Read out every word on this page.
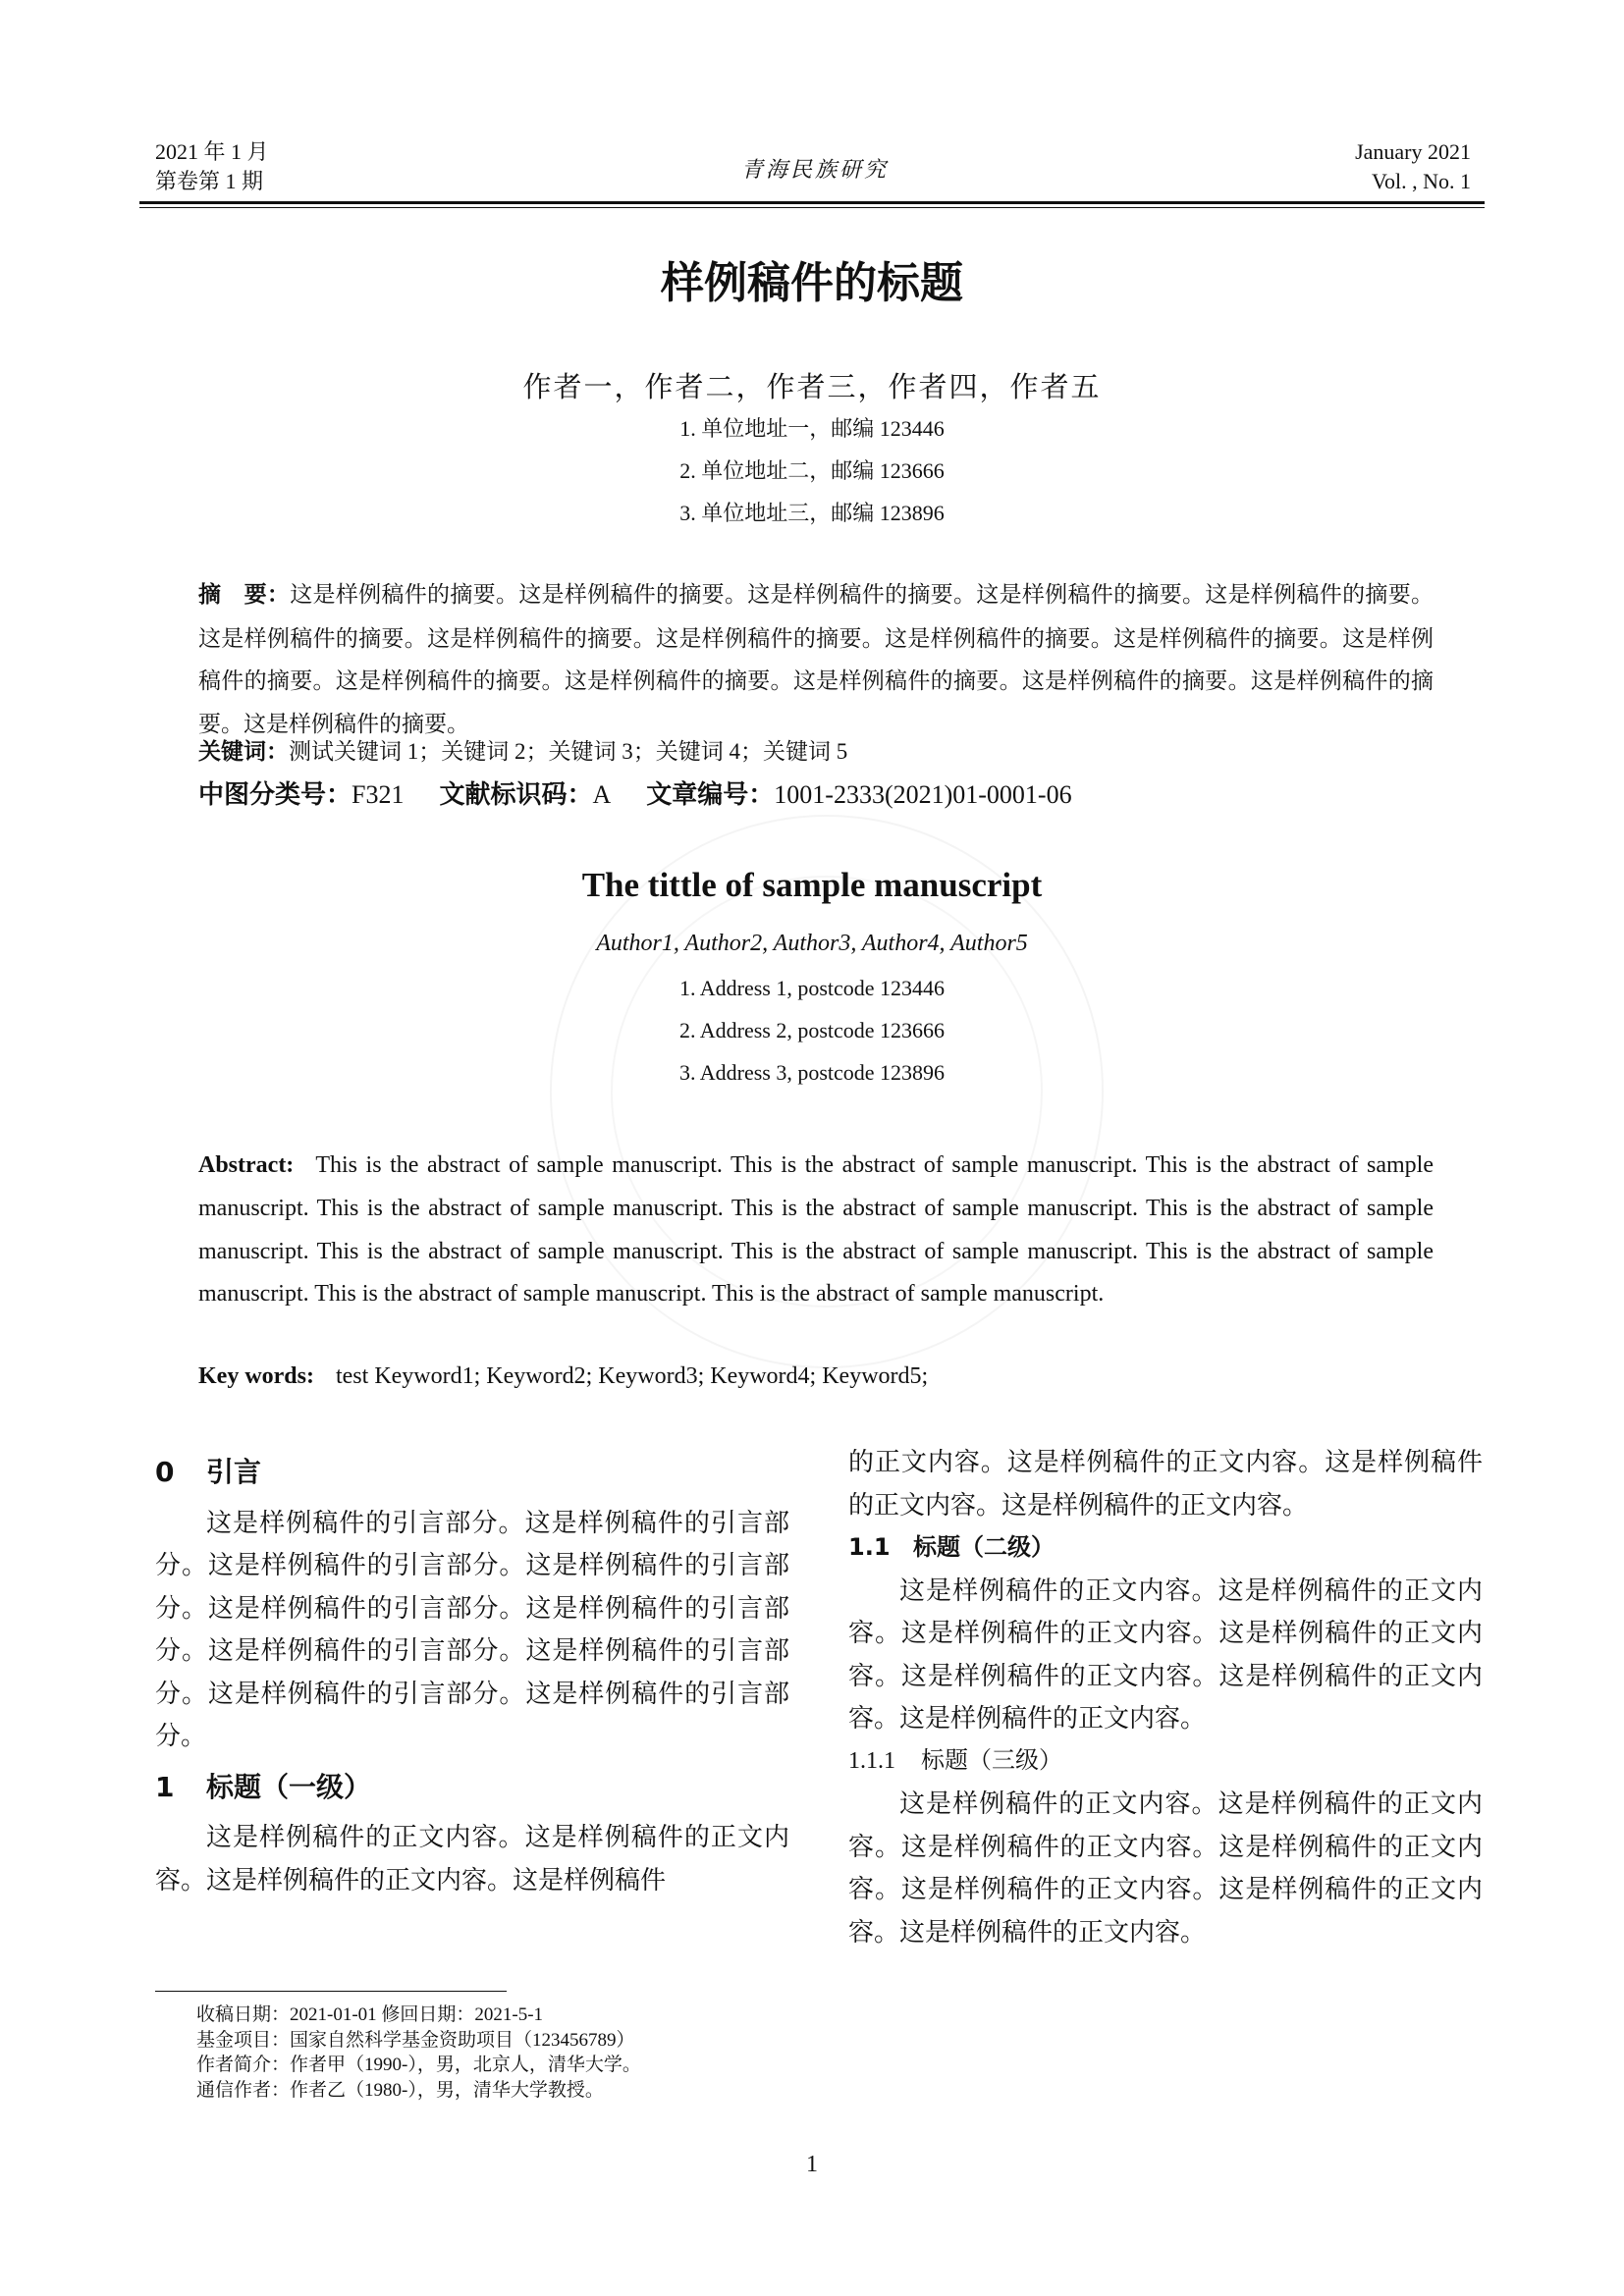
2021 年 1 月
第卷第 1 期	青海民族研究
January 2021
Vol. , No. 1
样例稿件的标题
作者一，作者二，作者三，作者四，作者五
1. 单位地址一，邮编 123446
2. 单位地址二，邮编 123666
3. 单位地址三，邮编 123896
摘　要：这是样例稿件的摘要。这是样例稿件的摘要。这是样例稿件的摘要。这是样例稿件的摘要。这是样例稿件的摘要。这是样例稿件的摘要。这是样例稿件的摘要。这是样例稿件的摘要。这是样例稿件的摘要。这是样例稿件的摘要。这是样例稿件的摘要。这是样例稿件的摘要。这是样例稿件的摘要。这是样例稿件的摘要。这是样例稿件的摘要。这是样例稿件的摘要。这是样例稿件的摘要。
关键词：测试关键词 1；关键词 2；关键词 3；关键词 4；关键词 5
中图分类号：F321 文献标识码：A 文章编号：1001-2333(2021)01-0001-06
The tittle of sample manuscript
Author1, Author2, Author3, Author4, Author5
1. Address 1, postcode 123446
2. Address 2, postcode 123666
3. Address 3, postcode 123896
Abstract: This is the abstract of sample manuscript. This is the abstract of sample manuscript. This is the abstract of sample manuscript. This is the abstract of sample manuscript. This is the abstract of sample manuscript. This is the abstract of sample manuscript. This is the abstract of sample manuscript. This is the abstract of sample manuscript. This is the abstract of sample manuscript. This is the abstract of sample manuscript. This is the abstract of sample manuscript.
Key words: test Keyword1; Keyword2; Keyword3; Keyword4; Keyword5;
0 引言

这是样例稿件的引言部分。这是样例稿件的引言部分。这是样例稿件的引言部分。这是样例稿件的引言部分。这是样例稿件的引言部分。这是样例稿件的引言部分。这是样例稿件的引言部分。这是样例稿件的引言部分。这是样例稿件的引言部分。这是样例稿件的引言部分。

1 标题（一级）

这是样例稿件的正文内容。这是样例稿件的正文内容。这是样例稿件的正文内容。这是样例稿件

的正文内容。这是样例稿件的正文内容。这是样例稿件的正文内容。这是样例稿件的正文内容。

1.1 标题（二级）

这是样例稿件的正文内容。这是样例稿件的正文内容。这是样例稿件的正文内容。这是样例稿件的正文内容。这是样例稿件的正文内容。这是样例稿件的正文内容。这是样例稿件的正文内容。

1.1.1 标题（三级）

这是样例稿件的正文内容。这是样例稿件的正文内容。这是样例稿件的正文内容。这是样例稿件的正文内容。这是样例稿件的正文内容。这是样例稿件的正文内容。这是样例稿件的正文内容。

收稿日期：2021-01-01 修回日期：2021-5-1
基金项目：国家自然科学基金资助项目（123456789）
作者简介：作者甲（1990-），男，北京人，清华大学。
通信作者：作者乙（1980-），男，清华大学教授。
1
